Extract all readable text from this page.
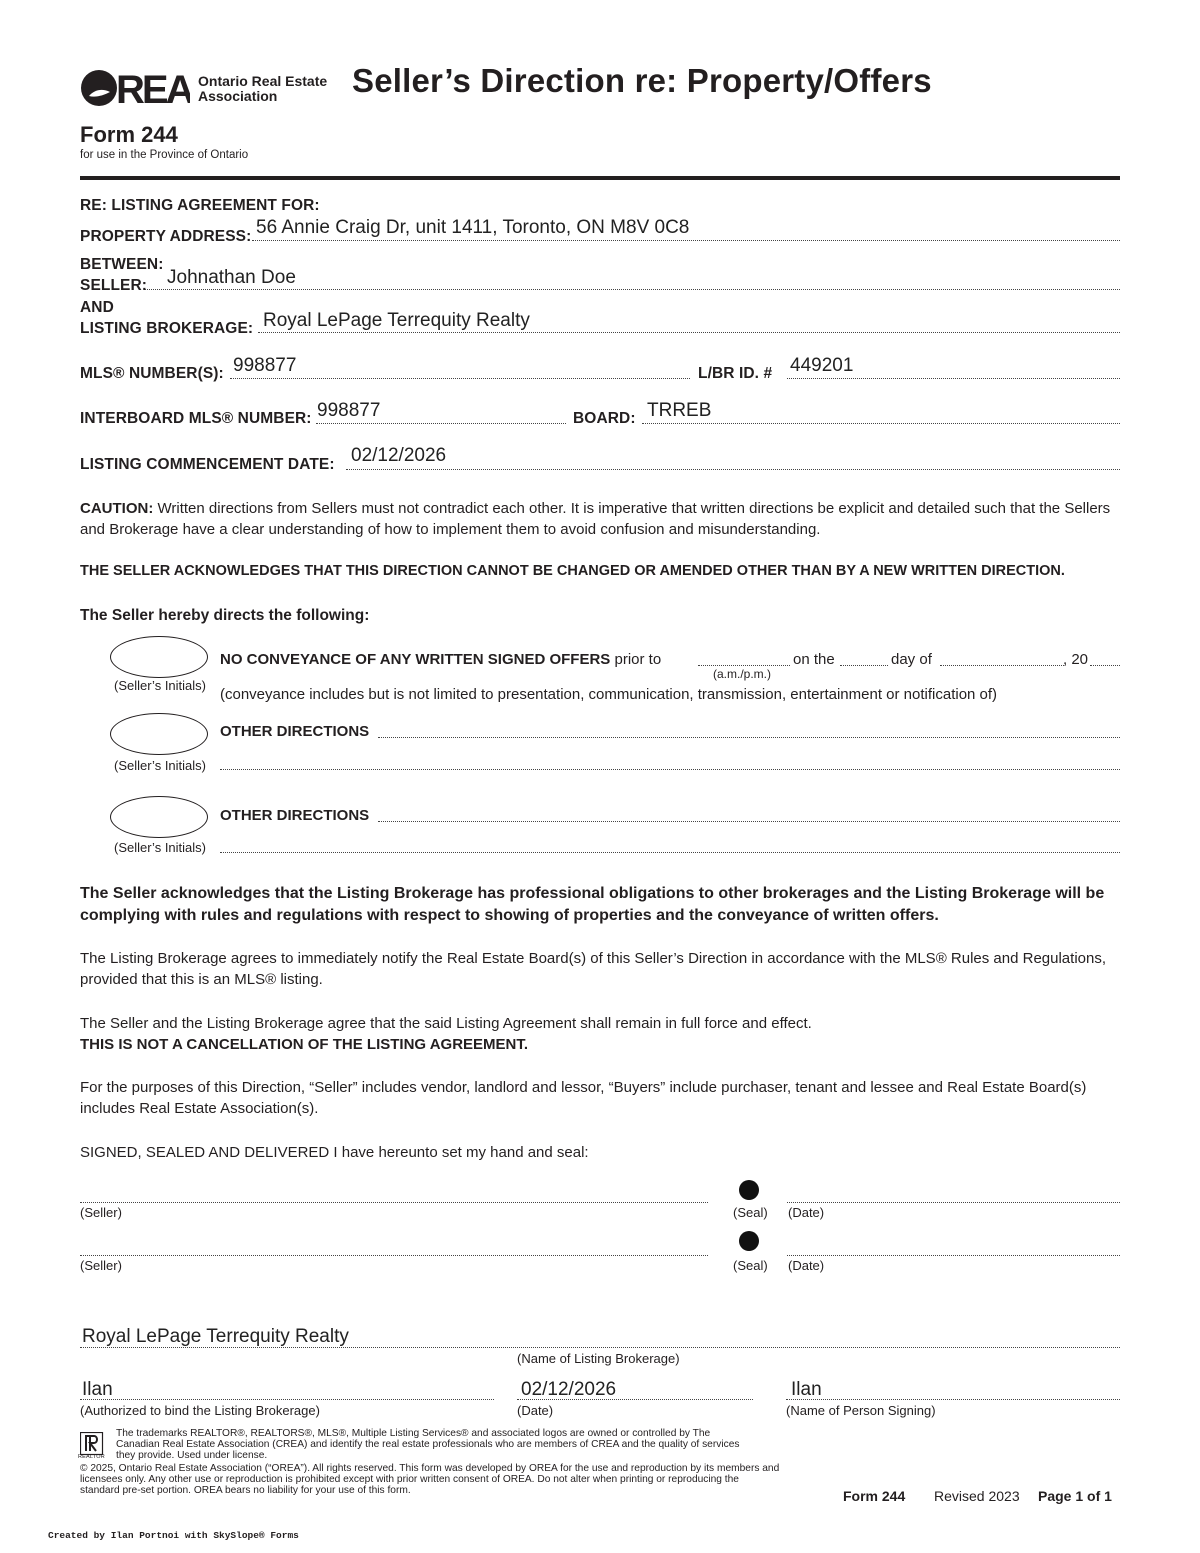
REA Ontario Real Estate
Association	Seller’s Direction re: Property/Offers
Form 244
for use in the Province of Ontario
RE: LISTING AGREEMENT FOR:
PROPERTY ADDRESS: 56 Annie Craig Dr, unit 1411, Toronto, ON M8V 0C8
BETWEEN:
SELLER: Johnathan Doe
AND
LISTING BROKERAGE: Royal LePage Terrequity Realty
MLS® NUMBER(S): 998877	L/BR ID. # 449201
INTERBOARD MLS® NUMBER: 998877	BOARD: TRREB
LISTING COMMENCEMENT DATE: 02/12/2026
CAUTION: Written directions from Sellers must not contradict each other. It is imperative that written directions be explicit and detailed such that the Sellers and Brokerage have a clear understanding of how to implement them to avoid confusion and misunderstanding.
THE SELLER ACKNOWLEDGES THAT THIS DIRECTION CANNOT BE CHANGED OR AMENDED OTHER THAN BY A NEW WRITTEN DIRECTION.
The Seller hereby directs the following:
(Seller’s Initials)
NO CONVEYANCE OF ANY WRITTEN SIGNED OFFERS prior to	on the	day of	, 20
(a.m./p.m.)
(conveyance includes but is not limited to presentation, communication, transmission, entertainment or notification of)
(Seller’s Initials)
OTHER DIRECTIONS
(Seller’s Initials)
OTHER DIRECTIONS
The Seller acknowledges that the Listing Brokerage has professional obligations to other brokerages and the Listing Brokerage will be complying with rules and regulations with respect to showing of properties and the conveyance of written offers.
The Listing Brokerage agrees to immediately notify the Real Estate Board(s) of this Seller’s Direction in accordance with the MLS® Rules and Regulations, provided that this is an MLS® listing.
The Seller and the Listing Brokerage agree that the said Listing Agreement shall remain in full force and effect.
THIS IS NOT A CANCELLATION OF THE LISTING AGREEMENT.
For the purposes of this Direction, “Seller” includes vendor, landlord and lessor, “Buyers” include purchaser, tenant and lessee and Real Estate Board(s) includes Real Estate Association(s).
SIGNED, SEALED AND DELIVERED I have hereunto set my hand and seal:
(Seller)	(Seal) (Date)
(Seller)	(Seal) (Date)
Royal LePage Terrequity Realty
(Name of Listing Brokerage)
Ilan
(Authorized to bind the Listing Brokerage)
02/12/2026
(Date)
Ilan
(Name of Person Signing)
REALTOR
The trademarks REALTOR®, REALTORS®, MLS®, Multiple Listing Services® and associated logos are owned or controlled by The Canadian Real Estate Association (CREA) and identify the real estate professionals who are members of CREA and the quality of services they provide. Used under license.
© 2025, Ontario Real Estate Association (“OREA”). All rights reserved. This form was developed by OREA for the use and reproduction by its members and licensees only. Any other use or reproduction is prohibited except with prior written consent of OREA. Do not alter when printing or reproducing the standard pre-set portion. OREA bears no liability for your use of this form.	Form 244 Revised 2023 Page 1 of 1
Created by Ilan Portnoi with SkySlope® Forms
